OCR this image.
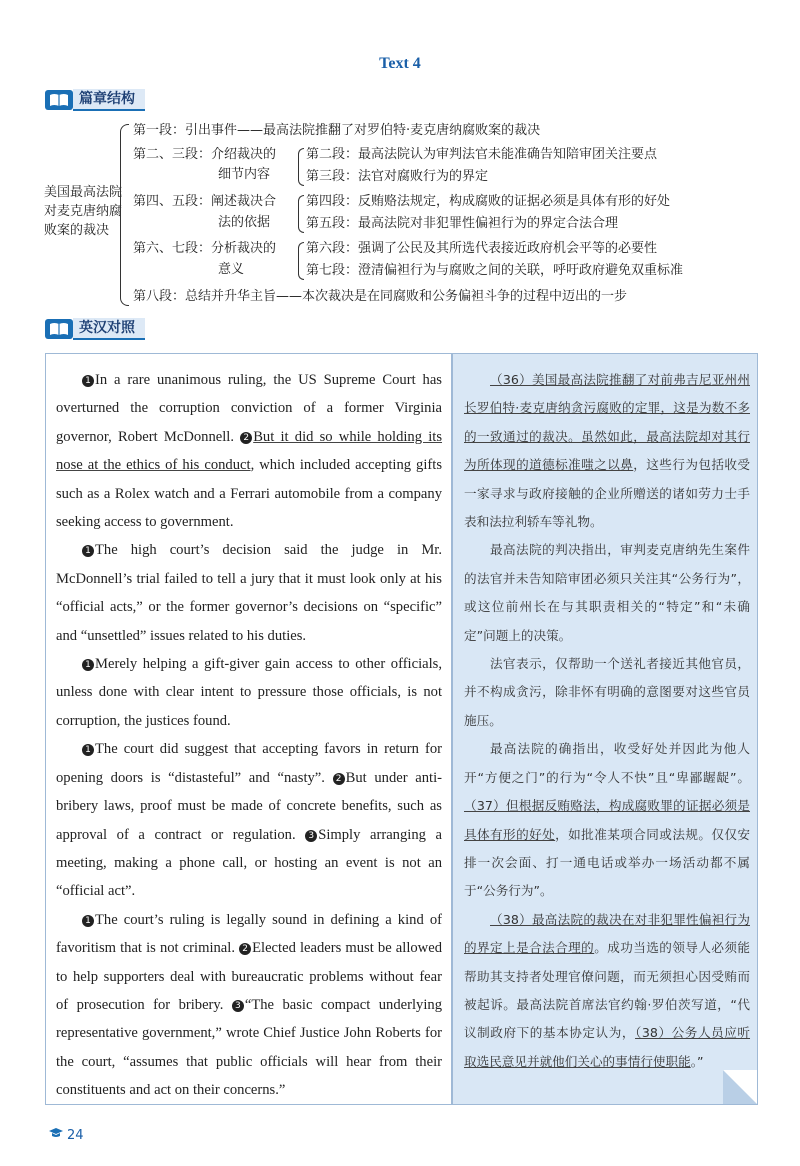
Text 4
篇章结构
美国最高法院对麦克唐纳腐败案的裁决
第一段：引出事件——最高法院推翻了对罗伯特·麦克唐纳腐败案的裁决
第二、三段：介绍裁决的
细节内容
第二段：最高法院认为审判法官未能准确告知陪审团关注要点
第三段：法官对腐败行为的界定
第四、五段：阐述裁决合
法的依据
第四段：反贿赂法规定，构成腐败的证据必须是具体有形的好处
第五段：最高法院对非犯罪性偏袒行为的界定合法合理
第六、七段：分析裁决的
意义
第六段：强调了公民及其所选代表接近政府机会平等的必要性
第七段：澄清偏袒行为与腐败之间的关联，呼吁政府避免双重标准
第八段：总结并升华主旨——本次裁决是在同腐败和公务偏袒斗争的过程中迈出的一步
英汉对照

1 In a rare unanimous ruling, the US Supreme Court has overturned the corruption conviction of a former Virginia governor, Robert McDonnell. 2 But it did so while holding its nose at the ethics of his conduct, which included accepting gifts such as a Rolex watch and a Ferrari automobile from a company seeking access to government.

1 The high court’s decision said the judge in Mr. McDonnell’s trial failed to tell a jury that it must look only at his “official acts,” or the former governor’s decisions on “specific” and “unsettled” issues related to his duties.

1 Merely helping a gift-giver gain access to other officials, unless done with clear intent to pressure those officials, is not corruption, the justices found.

1 The court did suggest that accepting favors in return for opening doors is “distasteful” and “nasty”. 2 But under anti-bribery laws, proof must be made of concrete benefits, such as approval of a contract or regulation. 3 Simply arranging a meeting, making a phone call, or hosting an event is not an “official act”.

1 The court’s ruling is legally sound in defining a kind of favoritism that is not criminal. 2 Elected leaders must be allowed to help supporters deal with bureaucratic problems without fear of prosecution for bribery. 3 “The basic compact underlying representative government,” wrote Chief Justice John Roberts for the court, “assumes that public officials will hear from their constituents and act on their concerns.”

（36）美国最高法院推翻了对前弗吉尼亚州州长罗伯特·麦克唐纳贪污腐败的定罪，这是为数不多的一致通过的裁决。虽然如此，最高法院却对其行为所体现的道德标准嗤之以鼻，这些行为包括收受一家寻求与政府接触的企业所赠送的诸如劳力士手表和法拉利轿车等礼物。

最高法院的判决指出，审判麦克唐纳先生案件的法官并未告知陪审团必须只关注其“公务行为”，或这位前州长在与其职责相关的“特定”和“未确定”问题上的决策。

法官表示，仅帮助一个送礼者接近其他官员，并不构成贪污，除非怀有明确的意图要对这些官员施压。

最高法院的确指出，收受好处并因此为他人开“方便之门”的行为“令人不快”且“卑鄙龌龊”。（37）但根据反贿赂法，构成腐败罪的证据必须是具体有形的好处，如批准某项合同或法规。仅仅安排一次会面、打一通电话或举办一场活动都不属于“公务行为”。

（38）最高法院的裁决在对非犯罪性偏袒行为的界定上是合法合理的。成功当选的领导人必须能帮助其支持者处理官僚问题，而无须担心因受贿而被起诉。最高法院首席法官约翰·罗伯茨写道，“代议制政府下的基本协定认为，（38）公务人员应听取选民意见并就他们关心的事情行使职能。”

24
